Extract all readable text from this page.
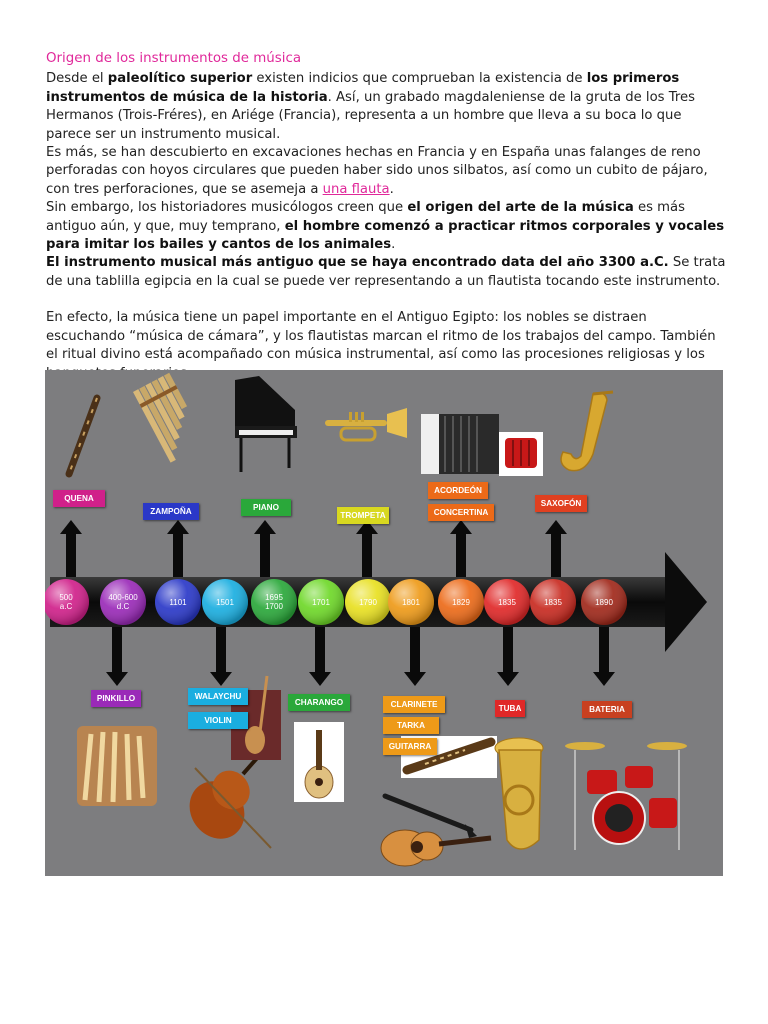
Origen de los instrumentos de música

Desde el paleolítico superior existen indicios que comprueban la existencia de los primeros instrumentos de música de la historia. Así, un grabado magdaleniense de la gruta de los Tres Hermanos (Trois-Fréres), en Ariége (Francia), representa a un hombre que lleva a su boca lo que parece ser un instrumento musical.

Es más, se han descubierto en excavaciones hechas en Francia y en España unas falanges de reno perforadas con hoyos circulares que pueden haber sido unos silbatos, así como un cubito de pájaro, con tres perforaciones, que se asemeja a una flauta.

Sin embargo, los historiadores musicólogos creen que el origen del arte de la música es más antiguo aún, y que, muy temprano, el hombre comenzó a practicar ritmos corporales y vocales para imitar los bailes y cantos de los animales.

El instrumento musical más antiguo que se haya encontrado data del año 3300 a.C. Se trata de una tablilla egipcia en la cual se puede ver representando a un flautista tocando este instrumento.

En efecto, la música tiene un papel importante en el Antiguo Egipto: los nobles se distraen escuchando “música de cámara”, y los flautistas marcan el ritmo de los trabajos del campo. También el ritual divino está acompañado con música instrumental, así como las procesiones religiosas y los

500
a.C
400-600
d.C	1101	1501	1695
1700	1701	1790	1801	1829	1835	1835	1890
QUENA
ZAMPOÑA	PIANO
TROMPETA
ACORDEÓN
CONCERTINA
SAXOFÓN
PINKILLO	WALAYCHU
VIOLIN
CHARANGO	CLARINETE
TARKA
GUITARRA
TUBA	BATERIA
